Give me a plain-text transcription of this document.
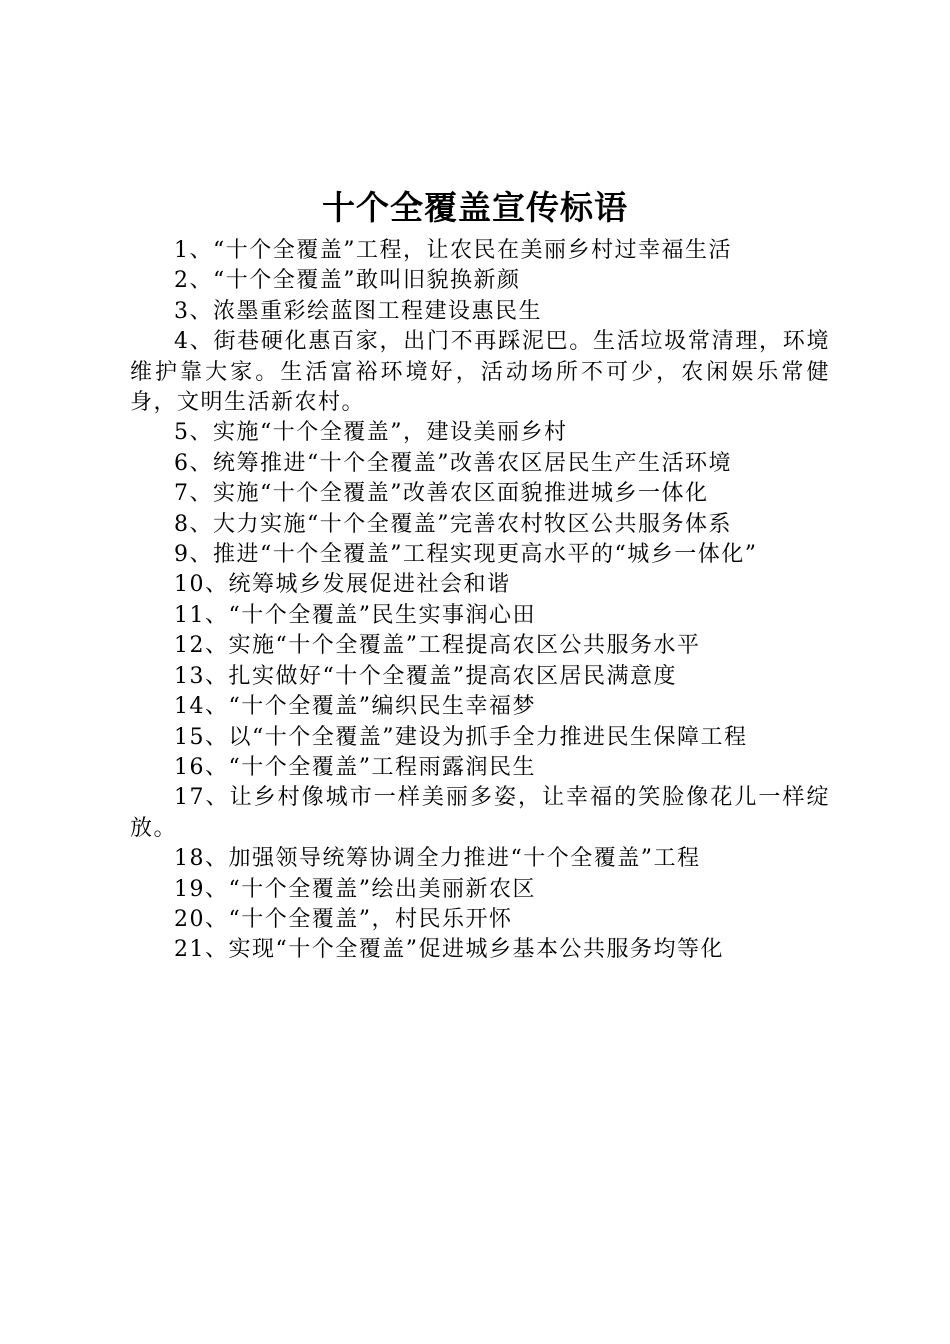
十个全覆盖宣传标语

1、“十个全覆盖”工程，让农民在美丽乡村过幸福生活

2、“十个全覆盖”敢叫旧貌换新颜

3、浓墨重彩绘蓝图工程建设惠民生

4、街巷硬化惠百家，出门不再踩泥巴。生活垃圾常清理，环境维护靠大家。生活富裕环境好，活动场所不可少，农闲娱乐常健身，文明生活新农村。

5、实施“十个全覆盖”，建设美丽乡村

6、统筹推进“十个全覆盖”改善农区居民生产生活环境

7、实施“十个全覆盖”改善农区面貌推进城乡一体化

8、大力实施“十个全覆盖”完善农村牧区公共服务体系

9、推进“十个全覆盖”工程实现更高水平的“城乡一体化”

10、统筹城乡发展促进社会和谐

11、“十个全覆盖”民生实事润心田

12、实施“十个全覆盖”工程提高农区公共服务水平

13、扎实做好“十个全覆盖”提高农区居民满意度

14、“十个全覆盖”编织民生幸福梦

15、以“十个全覆盖”建设为抓手全力推进民生保障工程

16、“十个全覆盖”工程雨露润民生

17、让乡村像城市一样美丽多姿，让幸福的笑脸像花儿一样绽放。

18、加强领导统筹协调全力推进“十个全覆盖”工程

19、“十个全覆盖”绘出美丽新农区

20、“十个全覆盖”，村民乐开怀

21、实现“十个全覆盖”促进城乡基本公共服务均等化
